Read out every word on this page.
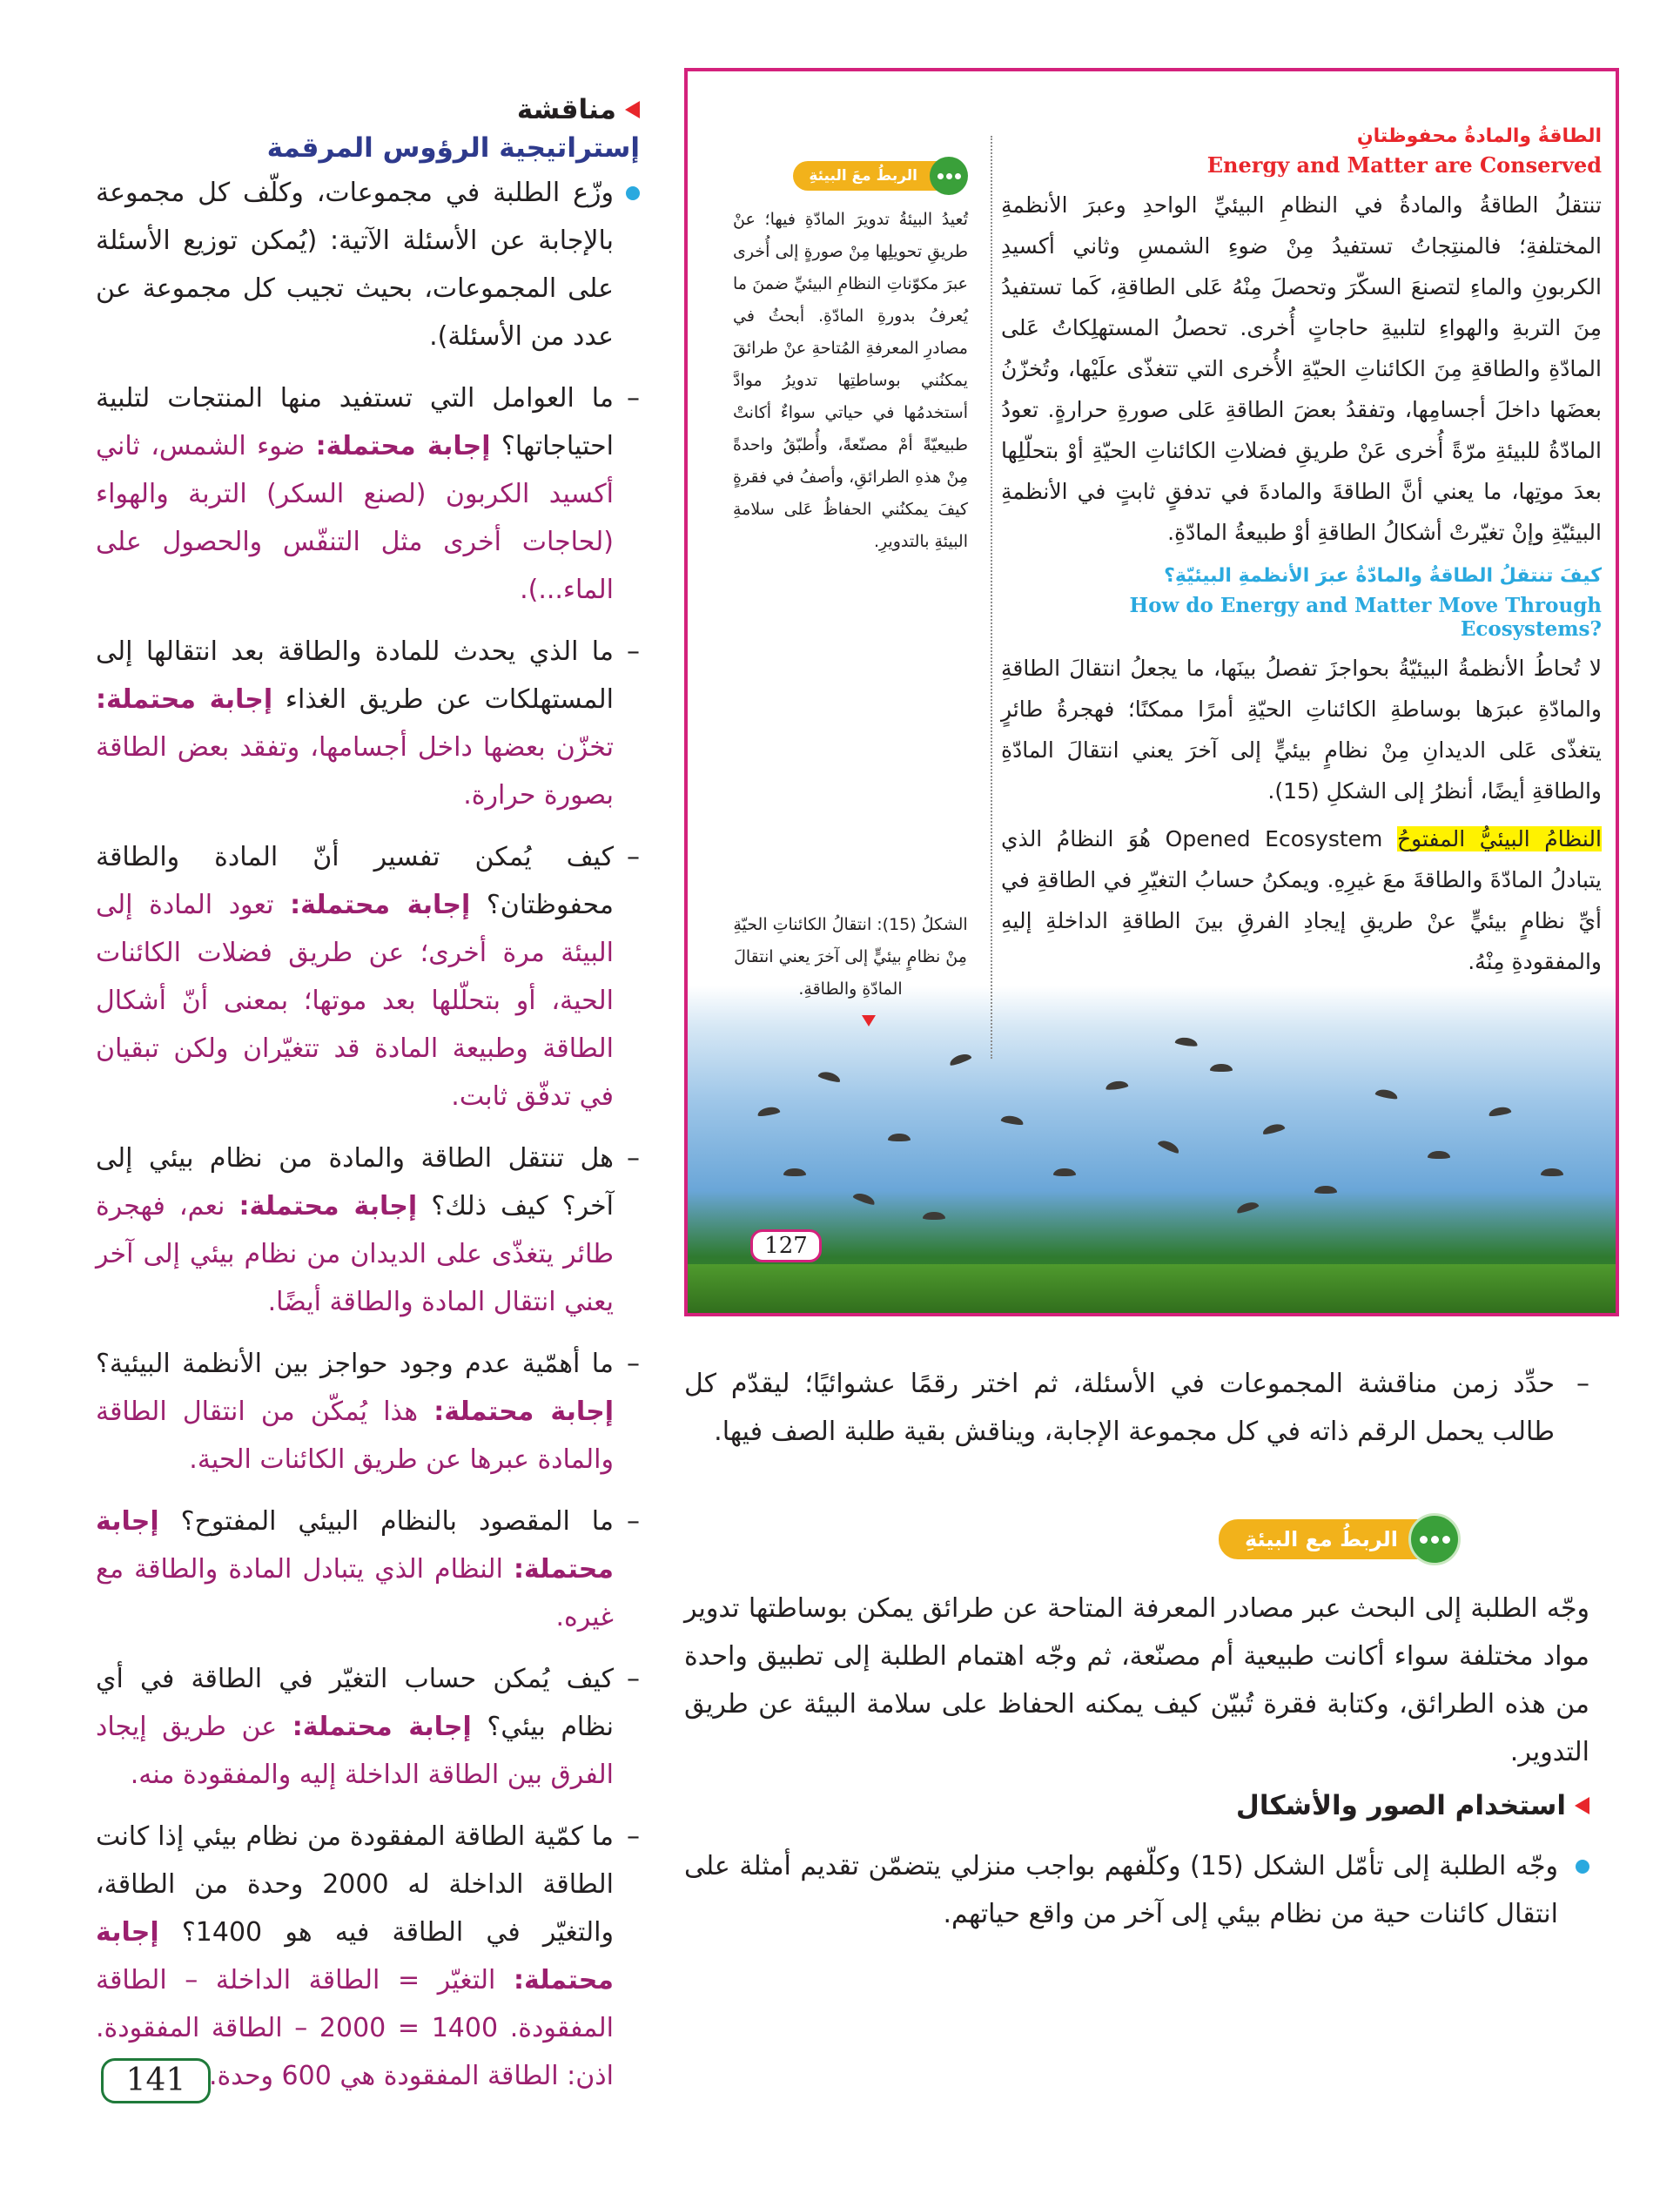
مناقشة
إستراتيجية الرؤوس المرقمة
وزّع الطلبة في مجموعات، وكلّف كل مجموعة بالإجابة عن الأسئلة الآتية: (يُمكن توزيع الأسئلة على المجموعات، بحيث تجيب كل مجموعة عن عدد من الأسئلة).
–
ما العوامل التي تستفيد منها المنتجات لتلبية احتياجاتها؟ إجابة محتملة: ضوء الشمس، ثاني أكسيد الكربون (لصنع السكر) التربة والهواء (لحاجات أخرى مثل التنفّس والحصول على الماء...).
–
ما الذي يحدث للمادة والطاقة بعد انتقالها إلى المستهلكات عن طريق الغذاء إجابة محتملة: تخزّن بعضها داخل أجسامها، وتفقد بعض الطاقة بصورة حرارة.
–
كيف يُمكن تفسير أنّ المادة والطاقة محفوظتان؟ إجابة محتملة: تعود المادة إلى البيئة مرة أخرى؛ عن طريق فضلات الكائنات الحية، أو بتحلّلها بعد موتها؛ بمعنى أنّ أشكال الطاقة وطبيعة المادة قد تتغيّران ولكن تبقيان في تدفّق ثابت.
–
هل تنتقل الطاقة والمادة من نظام بيئي إلى آخر؟ كيف ذلك؟ إجابة محتملة: نعم، فهجرة طائر يتغذّى على الديدان من نظام بيئي إلى آخر يعني انتقال المادة والطاقة أيضًا.
–
ما أهمّية عدم وجود حواجز بين الأنظمة البيئية؟ إجابة محتملة: هذا يُمكّن من انتقال الطاقة والمادة عبرها عن طريق الكائنات الحية.
–
ما المقصود بالنظام البيئي المفتوح؟ إجابة محتملة: النظام الذي يتبادل المادة والطاقة مع غيره.
–
كيف يُمكن حساب التغيّر في الطاقة في أي نظام بيئي؟ إجابة محتملة: عن طريق إيجاد الفرق بين الطاقة الداخلة إليه والمفقودة منه.
–
ما كمّية الطاقة المفقودة من نظام بيئي إذا كانت الطاقة الداخلة له 2000 وحدة من الطاقة، والتغيّر في الطاقة فيه هو 1400؟ إجابة محتملة: التغيّر = الطاقة الداخلة – الطاقة المفقودة. 1400 = 2000 – الطاقة المفقودة. اذن: الطاقة المفقودة هي 600 وحدة.
141
127
الطاقةُ والمادةُ محفوظتانِ
Energy and Matter are Conserved
تنتقلُ الطاقةُ والمادةُ في النظامِ البيئيِّ الواحدِ وعبرَ الأنظمةِ المختلفةِ؛ فالمنتِجاتُ تستفيدُ مِنْ ضوءِ الشمسِ وثاني أكسيدِ الكربونِ والماءِ لتصنعَ السكّرَ وتحصلَ مِنْهُ عَلى الطاقةِ، كَما تستفيدُ مِنَ التربةِ والهواءِ لتلبيةِ حاجاتٍ أُخرى. تحصلُ المستهلِكاتُ عَلى المادّةِ والطاقةِ مِنَ الكائناتِ الحيّةِ الأُخرى التي تتغذّى علَيْها، وتُخزّنُ بعضَها داخلَ أجسامِها، وتفقدُ بعضَ الطاقةِ عَلى صورةِ حرارةٍ. تعودُ المادّةُ للبيئةِ مرّةً أُخرى عَنْ طريقِ فضلاتِ الكائناتِ الحيّةِ أوْ بتحلّلِها بعدَ موتِها، ما يعني أنَّ الطاقةَ والمادةَ في تدفقٍ ثابتٍ في الأنظمةِ البيئيّةِ وإنْ تغيّرتْ أشكالُ الطاقةِ أوْ طبيعةُ المادّةِ.
كيفَ تنتقلُ الطاقةُ والمادّةُ عبرَ الأنظمةِ البيئيّةِ؟
How do Energy and Matter Move Through Ecosystems?
لا تُحاطُ الأنظمةُ البيئيّةُ بحواجزَ تفصلُ بينَها، ما يجعلُ انتقالَ الطاقةِ والمادّةِ عبرَها بوساطةِ الكائناتِ الحيّةِ أمرًا ممكنًا؛ فهجرةُ طائرٍ يتغذّى عَلى الديدانِ مِنْ نظامٍ بيئيٍّ إلى آخرَ يعني انتقالَ المادّةِ والطاقةِ أيضًا، أنظرُ إلى الشكلِ (15).
النظامُ البيئيُّ المفتوحُ Opened Ecosystem هُوَ النظامُ الذي يتبادلُ المادّةَ والطاقةَ معَ غيرِهِ. ويمكنُ حسابُ التغيّرِ في الطاقةِ في أيِّ نظامٍ بيئيٍّ عنْ طريقِ إيجادِ الفرقِ بينَ الطاقةِ الداخلةِ إليهِ والمفقودةِ مِنْهُ.
الربطُ معَ البيئةِ
تُعيدُ البيئةُ تدويرَ المادّةِ فيها؛ عنْ طريقِ تحويلِها مِنْ صورةٍ إلى أُخرى عبرَ مكوّناتِ النظامِ البيئيِّ ضمنَ ما يُعرفُ بدورةِ المادّةِ. أبحثُ في مصادرِ المعرفةِ المُتاحةِ عنْ طرائقَ يمكنُني بوساطتِها تدويرُ موادَّ أستخدمُها في حياتي سواءٌ أكانتْ طبيعيّةً أمْ مصنّعةً، وأُطبّقُ واحدةً مِنْ هذهِ الطرائقِ، وأصفُ في فقرةٍ كيفَ يمكنُني الحفاظُ عَلى سلامةِ البيئةِ بالتدويرِ.
الشكلُ (15): انتقالُ الكائناتِ الحيّةِ مِنْ نظامٍ بيئيٍّ إلى آخرَ يعني انتقالَ المادّةِ والطاقةِ.
–
حدِّد زمن مناقشة المجموعات في الأسئلة، ثم اختر رقمًا عشوائيًا؛ ليقدّم كل طالب يحمل الرقم ذاته في كل مجموعة الإجابة، ويناقش بقية طلبة الصف فيها.
الربطُ مع البيئةِ
وجّه الطلبة إلى البحث عبر مصادر المعرفة المتاحة عن طرائق يمكن بوساطتها تدوير مواد مختلفة سواء أكانت طبيعية أم مصنّعة، ثم وجّه اهتمام الطلبة إلى تطبيق واحدة من هذه الطرائق، وكتابة فقرة تُبيّن كيف يمكنه الحفاظ على سلامة البيئة عن طريق التدوير.
استخدام الصور والأشكال
وجّه الطلبة إلى تأمّل الشكل (15) وكلّفهم بواجب منزلي يتضمّن تقديم أمثلة على انتقال كائنات حية من نظام بيئي إلى آخر من واقع حياتهم.
